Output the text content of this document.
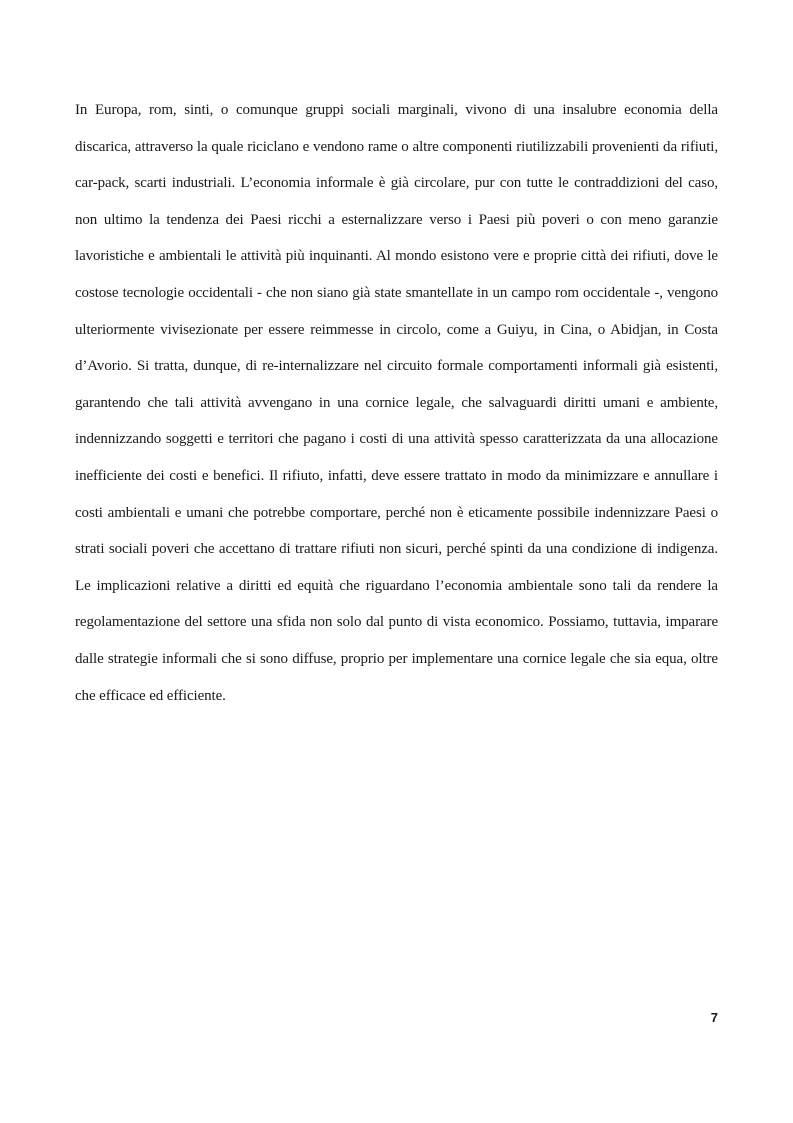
In Europa, rom, sinti, o comunque gruppi sociali marginali, vivono di una insalubre economia della discarica, attraverso la quale riciclano e vendono rame o altre componenti riutilizzabili provenienti da rifiuti, car-pack, scarti industriali. L’economia informale è già circolare, pur con tutte le contraddizioni del caso, non ultimo la tendenza dei Paesi ricchi a esternalizzare verso i Paesi più poveri o con meno garanzie lavoristiche e ambientali le attività più inquinanti. Al mondo esistono vere e proprie città dei rifiuti, dove le costose tecnologie occidentali - che non siano già state smantellate in un campo rom occidentale -, vengono ulteriormente vivisezionate per essere reimmesse in circolo, come a Guiyu, in Cina, o Abidjan, in Costa d’Avorio. Si tratta, dunque, di re-internalizzare nel circuito formale comportamenti informali già esistenti, garantendo che tali attività avvengano in una cornice legale, che salvaguardi diritti umani e ambiente, indennizzando soggetti e territori che pagano i costi di una attività spesso caratterizzata da una allocazione inefficiente dei costi e benefici. Il rifiuto, infatti, deve essere trattato in modo da minimizzare e annullare i costi ambientali e umani che potrebbe comportare, perché non è eticamente possibile indennizzare Paesi o strati sociali poveri che accettano di trattare rifiuti non sicuri, perché spinti da una condizione di indigenza. Le implicazioni relative a diritti ed equità che riguardano l’economia ambientale sono tali da rendere la regolamentazione del settore una sfida non solo dal punto di vista economico. Possiamo, tuttavia, imparare dalle strategie informali che si sono diffuse, proprio per implementare una cornice legale che sia equa, oltre che efficace ed efficiente.

7
